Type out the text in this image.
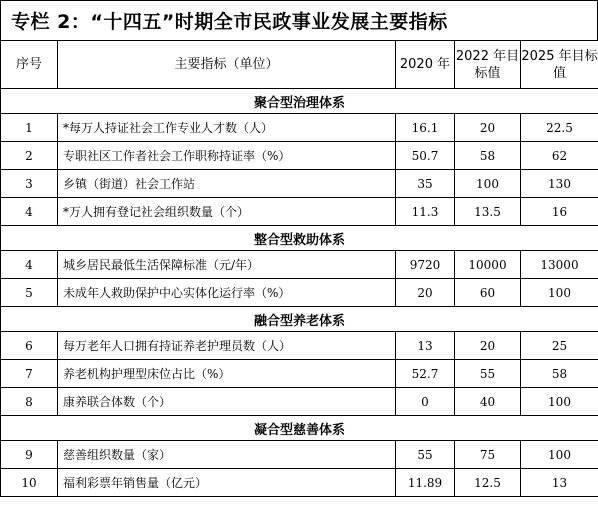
专栏 2：“十四五”时期全市民政事业发展主要指标
序号	主要指标（单位）	2020 年	2022 年目标值	2025 年目标值
聚合型治理体系				
1	*每万人持证社会工作专业人才数（人）	16.1	20	22.5
2	专职社区工作者社会工作职称持证率（%）	50.7	58	62
3	乡镇（街道）社会工作站	35	100	130
4	*万人拥有登记社会组织数量（个）	11.3	13.5	16
整合型救助体系				
4	城乡居民最低生活保障标准（元/年）	9720	10000	13000
5	未成年人救助保护中心实体化运行率（%）	20	60	100
融合型养老体系				
6	每万老年人口拥有持证养老护理员数（人）	13	20	25
7	养老机构护理型床位占比（%）	52.7	55	58
8	康养联合体数（个）	0	40	100
凝合型慈善体系				
9	慈善组织数量（家）	55	75	100
10	福利彩票年销售量（亿元）	11.89	12.5	13
